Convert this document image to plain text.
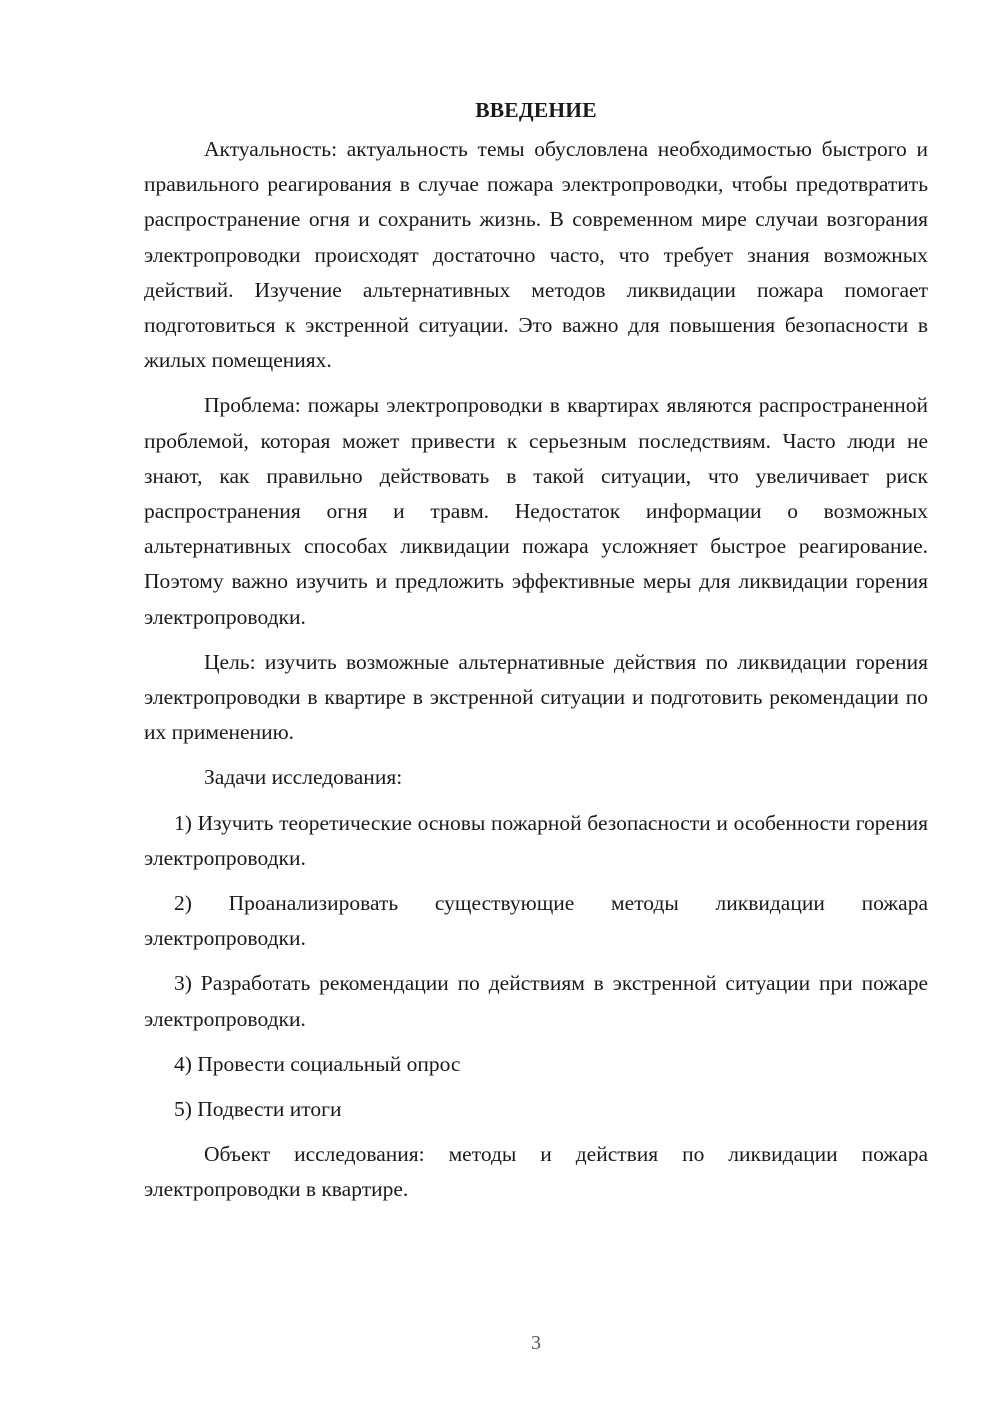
ВВЕДЕНИЕ

Актуальность: актуальность темы обусловлена необходимостью быстрого и правильного реагирования в случае пожара электропроводки, чтобы предотвратить распространение огня и сохранить жизнь. В современном мире случаи возгорания электропроводки происходят достаточно часто, что требует знания возможных действий. Изучение альтернативных методов ликвидации пожара помогает подготовиться к экстренной ситуации. Это важно для повышения безопасности в жилых помещениях.

Проблема: пожары электропроводки в квартирах являются распространенной проблемой, которая может привести к серьезным последствиям. Часто люди не знают, как правильно действовать в такой ситуации, что увеличивает риск распространения огня и травм. Недостаток информации о возможных альтернативных способах ликвидации пожара усложняет быстрое реагирование. Поэтому важно изучить и предложить эффективные меры для ликвидации горения электропроводки.

Цель: изучить возможные альтернативные действия по ликвидации горения электропроводки в квартире в экстренной ситуации и подготовить рекомендации по их применению.

Задачи исследования:

1) Изучить теоретические основы пожарной безопасности и особенности горения электропроводки.

2) Проанализировать существующие методы ликвидации пожара электропроводки.

3) Разработать рекомендации по действиям в экстренной ситуации при пожаре электропроводки.

4) Провести социальный опрос

5) Подвести итоги

Объект исследования: методы и действия по ликвидации пожара электропроводки в квартире.

3
